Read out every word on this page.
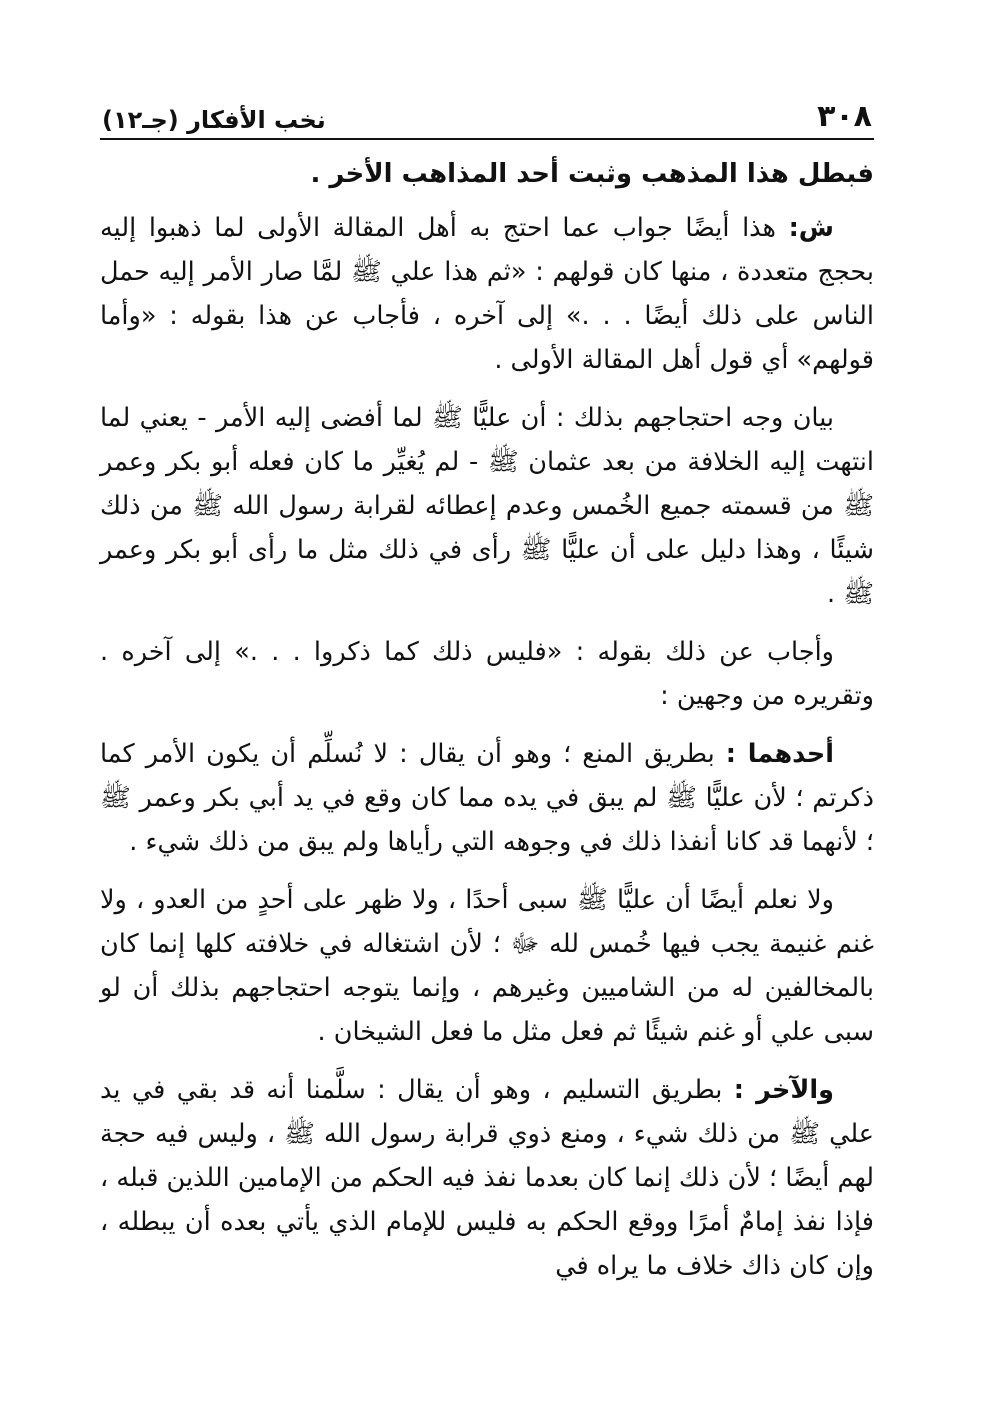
٣٠٨
نخب الأفكار (جـ١٢)

فبطل هذا المذهب وثبت أحد المذاهب الأخر .

ش: هذا أيضًا جواب عما احتج به أهل المقالة الأولى لما ذهبوا إليه بحجج متعددة ، منها كان قولهم : «ثم هذا علي ﷺ لمَّا صار الأمر إليه حمل الناس على ذلك أيضًا . . .» إلى آخره ، فأجاب عن هذا بقوله : «وأما قولهم» أي قول أهل المقالة الأولى .

بيان وجه احتجاجهم بذلك : أن عليًّا ﷺ لما أفضى إليه الأمر - يعني لما انتهت إليه الخلافة من بعد عثمان ﷺ - لم يُغيِّر ما كان فعله أبو بكر وعمر ﷺ من قسمته جميع الخُمس وعدم إعطائه لقرابة رسول الله ﷺ من ذلك شيئًا ، وهذا دليل على أن عليًّا ﷺ رأى في ذلك مثل ما رأى أبو بكر وعمر ﷺ .

وأجاب عن ذلك بقوله : «فليس ذلك كما ذكروا . . .» إلى آخره . وتقريره من وجهين :

أحدهما : بطريق المنع ؛ وهو أن يقال : لا نُسلِّم أن يكون الأمر كما ذكرتم ؛ لأن عليًّا ﷺ لم يبق في يده مما كان وقع في يد أبي بكر وعمر ﷺ ؛ لأنهما قد كانا أنفذا ذلك في وجوهه التي رأياها ولم يبق من ذلك شيء .

ولا نعلم أيضًا أن عليًّا ﷺ سبى أحدًا ، ولا ظهر على أحدٍ من العدو ، ولا غنم غنيمة يجب فيها خُمس لله ﷻ ؛ لأن اشتغاله في خلافته كلها إنما كان بالمخالفين له من الشاميين وغيرهم ، وإنما يتوجه احتجاجهم بذلك أن لو سبى علي أو غنم شيئًا ثم فعل مثل ما فعل الشيخان .

والآخر : بطريق التسليم ، وهو أن يقال : سلَّمنا أنه قد بقي في يد علي ﷺ من ذلك شيء ، ومنع ذوي قرابة رسول الله ﷺ ، وليس فيه حجة لهم أيضًا ؛ لأن ذلك إنما كان بعدما نفذ فيه الحكم من الإمامين اللذين قبله ، فإذا نفذ إمامٌ أمرًا ووقع الحكم به فليس للإمام الذي يأتي بعده أن يبطله ، وإن كان ذاك خلاف ما يراه في
